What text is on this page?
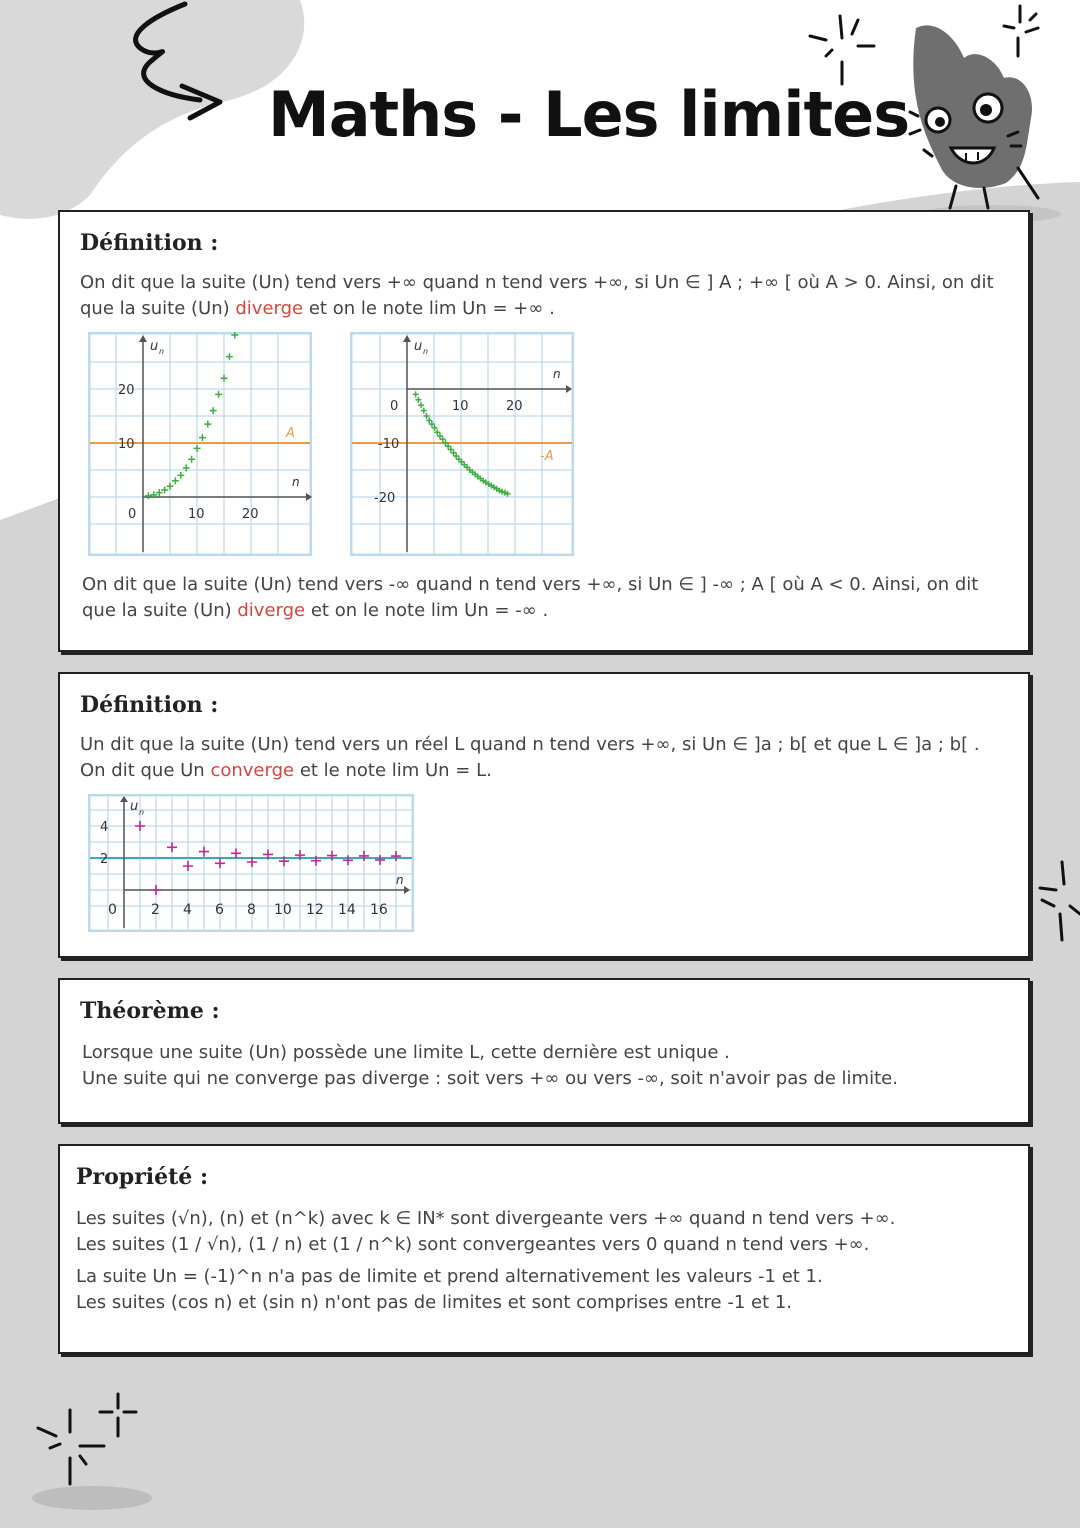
Maths - Les limites
Définition :

On dit que la suite (Un) tend vers +∞ quand n tend vers +∞, si Un ∈ ] A ; +∞ [ où A > 0. Ainsi, on dit
que la suite (Un) diverge et on le note lim Un = +∞ .

u n
n
A
0	10	20
20
10
u n
n
-A
0	10	20
-10
-20

On dit que la suite (Un) tend vers -∞ quand n tend vers +∞, si Un ∈ ] -∞ ; A [ où A < 0. Ainsi, on dit
que la suite (Un) diverge et on le note lim Un = -∞ .

Définition :

Un dit que la suite (Un) tend vers un réel L quand n tend vers +∞, si Un ∈ ]a ; b[ et que L ∈ ]a ; b[ .
On dit que Un converge et le note lim Un = L.

u n
n
4
2
0 2 4 6 8 10 12 14 16
Théorème :

Lorsque une suite (Un) possède une limite L, cette dernière est unique .
Une suite qui ne converge pas diverge : soit vers +∞ ou vers -∞, soit n'avoir pas de limite.

Propriété :

Les suites (√n), (n) et (n^k) avec k ∈ IN* sont divergeante vers +∞ quand n tend vers +∞.
Les suites (1 / √n), (1 / n) et (1 / n^k) sont convergeantes vers 0 quand n tend vers +∞.

La suite Un = (-1)^n n'a pas de limite et prend alternativement les valeurs -1 et 1.
Les suites (cos n) et (sin n) n'ont pas de limites et sont comprises entre -1 et 1.
